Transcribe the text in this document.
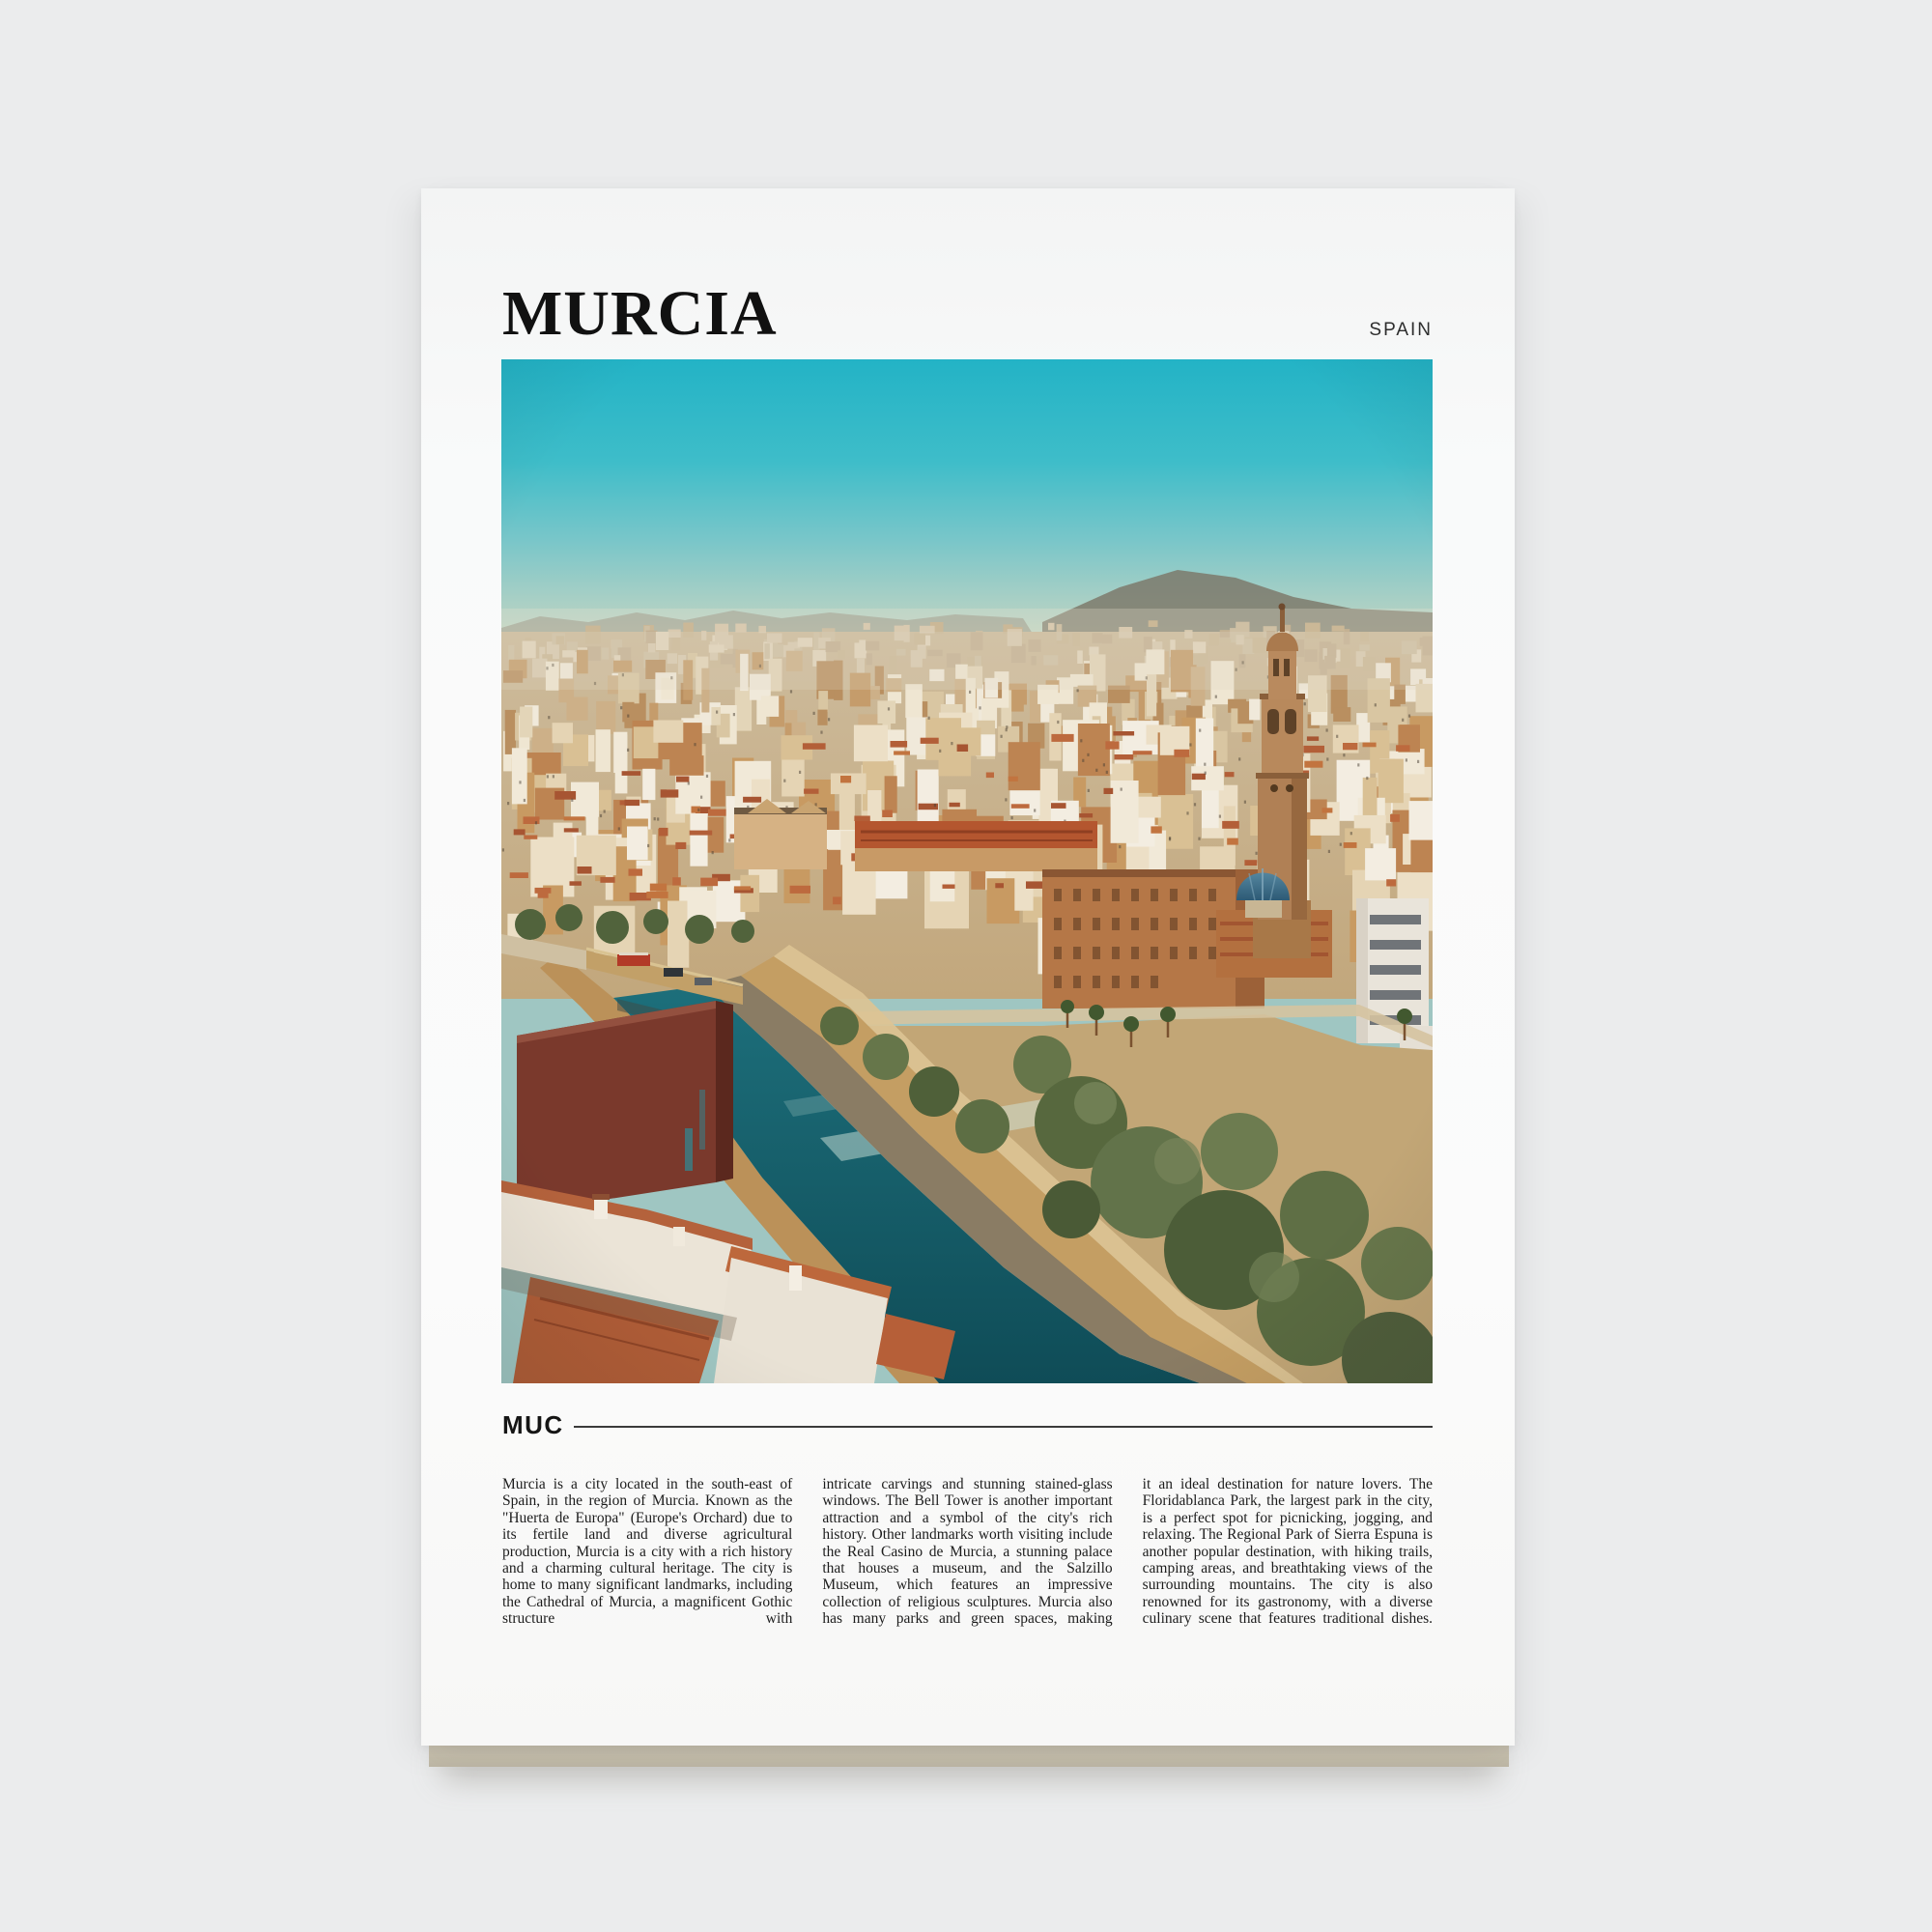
MURCIA	SPAIN
MUC
Murcia is a city located in the south-east of Spain, in the region of Murcia. Known as the "Huerta de Europa" (Europe's Orchard) due to its fertile land and diverse agricultural production, Murcia is a city with a rich history and a charming cultural heritage. The city is home to many significant landmarks, including the Cathedral of Murcia, a magnificent Gothic structure with
intricate carvings and stunning stained-glass windows. The Bell Tower is another important attraction and a symbol of the city's rich history. Other landmarks worth visiting include the Real Casino de Murcia, a stunning palace that houses a museum, and the Salzillo Museum, which features an impressive collection of religious sculptures. Murcia also has many parks and green spaces, making
it an ideal destination for nature lovers. The Floridablanca Park, the largest park in the city, is a perfect spot for picnicking, jogging, and relaxing. The Regional Park of Sierra Espuna is another popular destination, with hiking trails, camping areas, and breathtaking views of the surrounding mountains. The city is also renowned for its gastronomy, with a diverse culinary scene that features traditional dishes.
